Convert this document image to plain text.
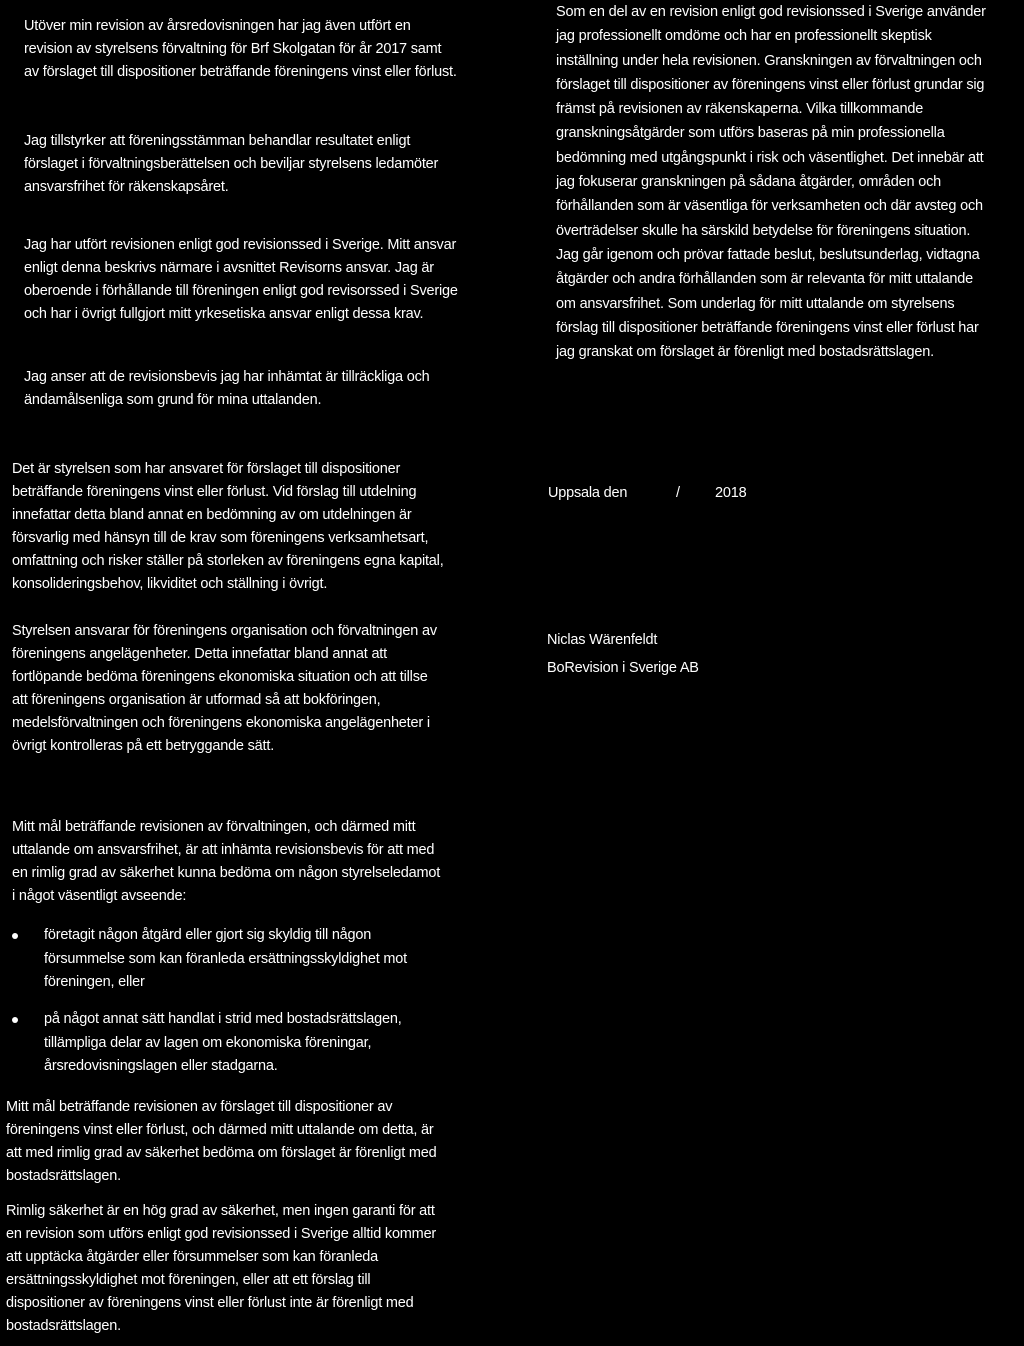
Utöver min revision av årsredovisningen har jag även utfört en
revision av styrelsens förvaltning för Brf Skolgatan för år 2017 samt
av förslaget till dispositioner beträffande föreningens vinst eller förlust.
Jag tillstyrker att föreningsstämman behandlar resultatet enligt
förslaget i förvaltningsberättelsen och beviljar styrelsens ledamöter
ansvarsfrihet för räkenskapsåret.
Jag har utfört revisionen enligt god revisionssed i Sverige. Mitt ansvar
enligt denna beskrivs närmare i avsnittet Revisorns ansvar. Jag är
oberoende i förhållande till föreningen enligt god revisorssed i Sverige
och har i övrigt fullgjort mitt yrkesetiska ansvar enligt dessa krav.
Jag anser att de revisionsbevis jag har inhämtat är tillräckliga och
ändamålsenliga som grund för mina uttalanden.
Det är styrelsen som har ansvaret för förslaget till dispositioner
beträffande föreningens vinst eller förlust. Vid förslag till utdelning
innefattar detta bland annat en bedömning av om utdelningen är
försvarlig med hänsyn till de krav som föreningens verksamhetsart,
omfattning och risker ställer på storleken av föreningens egna kapital,
konsolideringsbehov, likviditet och ställning i övrigt.
Styrelsen ansvarar för föreningens organisation och förvaltningen av
föreningens angelägenheter. Detta innefattar bland annat att
fortlöpande bedöma föreningens ekonomiska situation och att tillse
att föreningens organisation är utformad så att bokföringen,
medelsförvaltningen och föreningens ekonomiska angelägenheter i
övrigt kontrolleras på ett betryggande sätt.
Som en del av en revision enligt god revisionssed i Sverige använder
jag professionellt omdöme och har en professionellt skeptisk
inställning under hela revisionen. Granskningen av förvaltningen och
förslaget till dispositioner av föreningens vinst eller förlust grundar sig
främst på revisionen av räkenskaperna. Vilka tillkommande
granskningsåtgärder som utförs baseras på min professionella
bedömning med utgångspunkt i risk och väsentlighet. Det innebär att
jag fokuserar granskningen på sådana åtgärder, områden och
förhållanden som är väsentliga för verksamheten och där avsteg och
överträdelser skulle ha särskild betydelse för föreningens situation.
Jag går igenom och prövar fattade beslut, beslutsunderlag, vidtagna
åtgärder och andra förhållanden som är relevanta för mitt uttalande
om ansvarsfrihet. Som underlag för mitt uttalande om styrelsens
förslag till dispositioner beträffande föreningens vinst eller förlust har
jag granskat om förslaget är förenligt med bostadsrättslagen.
Uppsala den	/ 2018
Niclas Wärenfeldt
BoRevision i Sverige AB
Mitt mål beträffande revisionen av förvaltningen, och därmed mitt
uttalande om ansvarsfrihet, är att inhämta revisionsbevis för att med
en rimlig grad av säkerhet kunna bedöma om någon styrelseledamot
i något väsentligt avseende:
företagit någon åtgärd eller gjort sig skyldig till någon
försummelse som kan föranleda ersättningsskyldighet mot
föreningen, eller
på något annat sätt handlat i strid med bostadsrättslagen,
tillämpliga delar av lagen om ekonomiska föreningar,
årsredovisningslagen eller stadgarna.
Mitt mål beträffande revisionen av förslaget till dispositioner av
föreningens vinst eller förlust, och därmed mitt uttalande om detta, är
att med rimlig grad av säkerhet bedöma om förslaget är förenligt med
bostadsrättslagen.
Rimlig säkerhet är en hög grad av säkerhet, men ingen garanti för att
en revision som utförs enligt god revisionssed i Sverige alltid kommer
att upptäcka åtgärder eller försummelser som kan föranleda
ersättningsskyldighet mot föreningen, eller att ett förslag till
dispositioner av föreningens vinst eller förlust inte är förenligt med
bostadsrättslagen.
